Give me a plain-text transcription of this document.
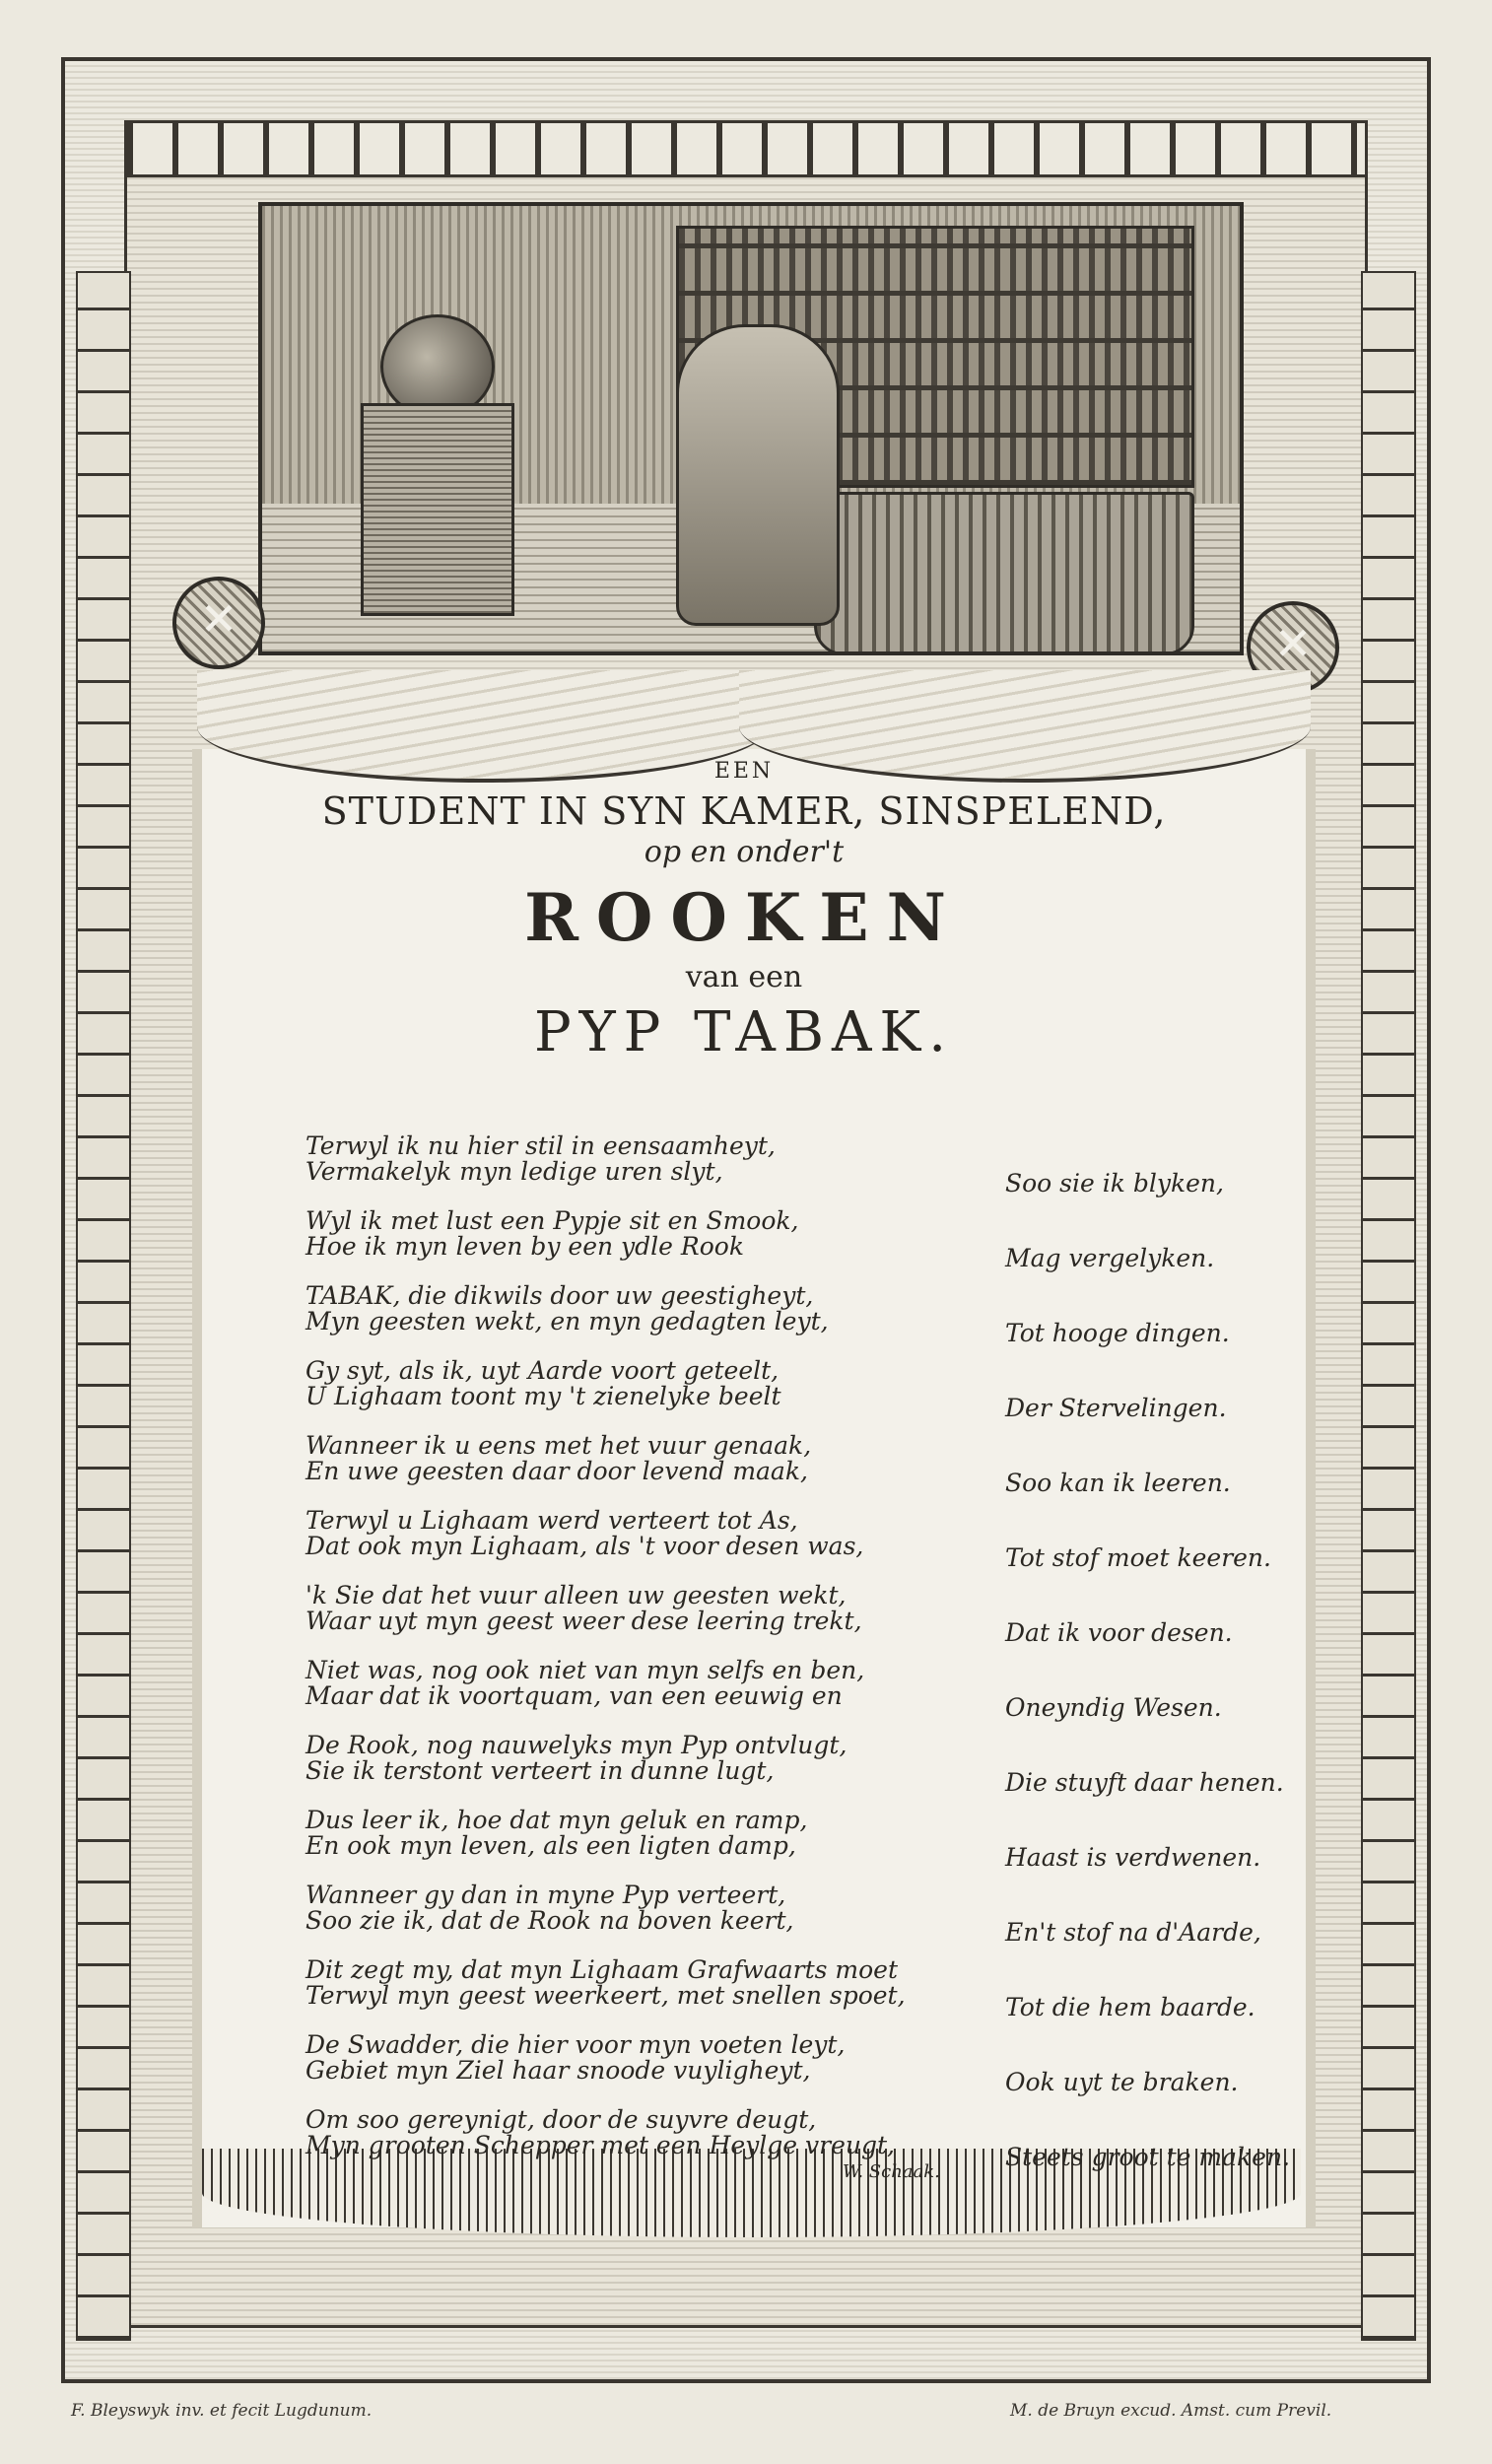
✕
✕
EEN
STUDENT IN SYN KAMER, SINSPELEND,
op en onder't
ROOKEN
van een
PYP TABAK.
Terwyl ik nu hier stil in eensaamheyt,
Vermakelyk myn ledige uren slyt,	Soo sie ik blyken,
Wyl ik met lust een Pypje sit en Smook,
Hoe ik myn leven by een ydle Rook	Mag vergelyken.
TABAK, die dikwils door uw geestigheyt,
Myn geesten wekt, en myn gedagten leyt,	Tot hooge dingen.
Gy syt, als ik, uyt Aarde voort geteelt,
U Lighaam toont my 't zienelyke beelt	Der Stervelingen.
Wanneer ik u eens met het vuur genaak,
En uwe geesten daar door levend maak,	Soo kan ik leeren.
Terwyl u Lighaam werd verteert tot As,
Dat ook myn Lighaam, als 't voor desen was,	Tot stof moet keeren.
'k Sie dat het vuur alleen uw geesten wekt,
Waar uyt myn geest weer dese leering trekt,	Dat ik voor desen.
Niet was, nog ook niet van myn selfs en ben,
Maar dat ik voortquam, van een eeuwig en	Oneyndig Wesen.
De Rook, nog nauwelyks myn Pyp ontvlugt,
Sie ik terstont verteert in dunne lugt,	Die stuyft daar henen.
Dus leer ik, hoe dat myn geluk en ramp,
En ook myn leven, als een ligten damp,	Haast is verdwenen.
Wanneer gy dan in myne Pyp verteert,
Soo zie ik, dat de Rook na boven keert,	En't stof na d'Aarde,
Dit zegt my, dat myn Lighaam Grafwaarts moet
Terwyl myn geest weerkeert, met snellen spoet,	Tot die hem baarde.
De Swadder, die hier voor myn voeten leyt,
Gebiet myn Ziel haar snoode vuyligheyt,	Ook uyt te braken.
Om soo gereynigt, door de suyvre deugt,
Myn grooten Schepper met een Heylge vreugt,	Steets groot te maken.
W. Schaak.
F. Bleyswyk inv. et fecit Lugdunum.	M. de Bruyn excud. Amst. cum Previl.
